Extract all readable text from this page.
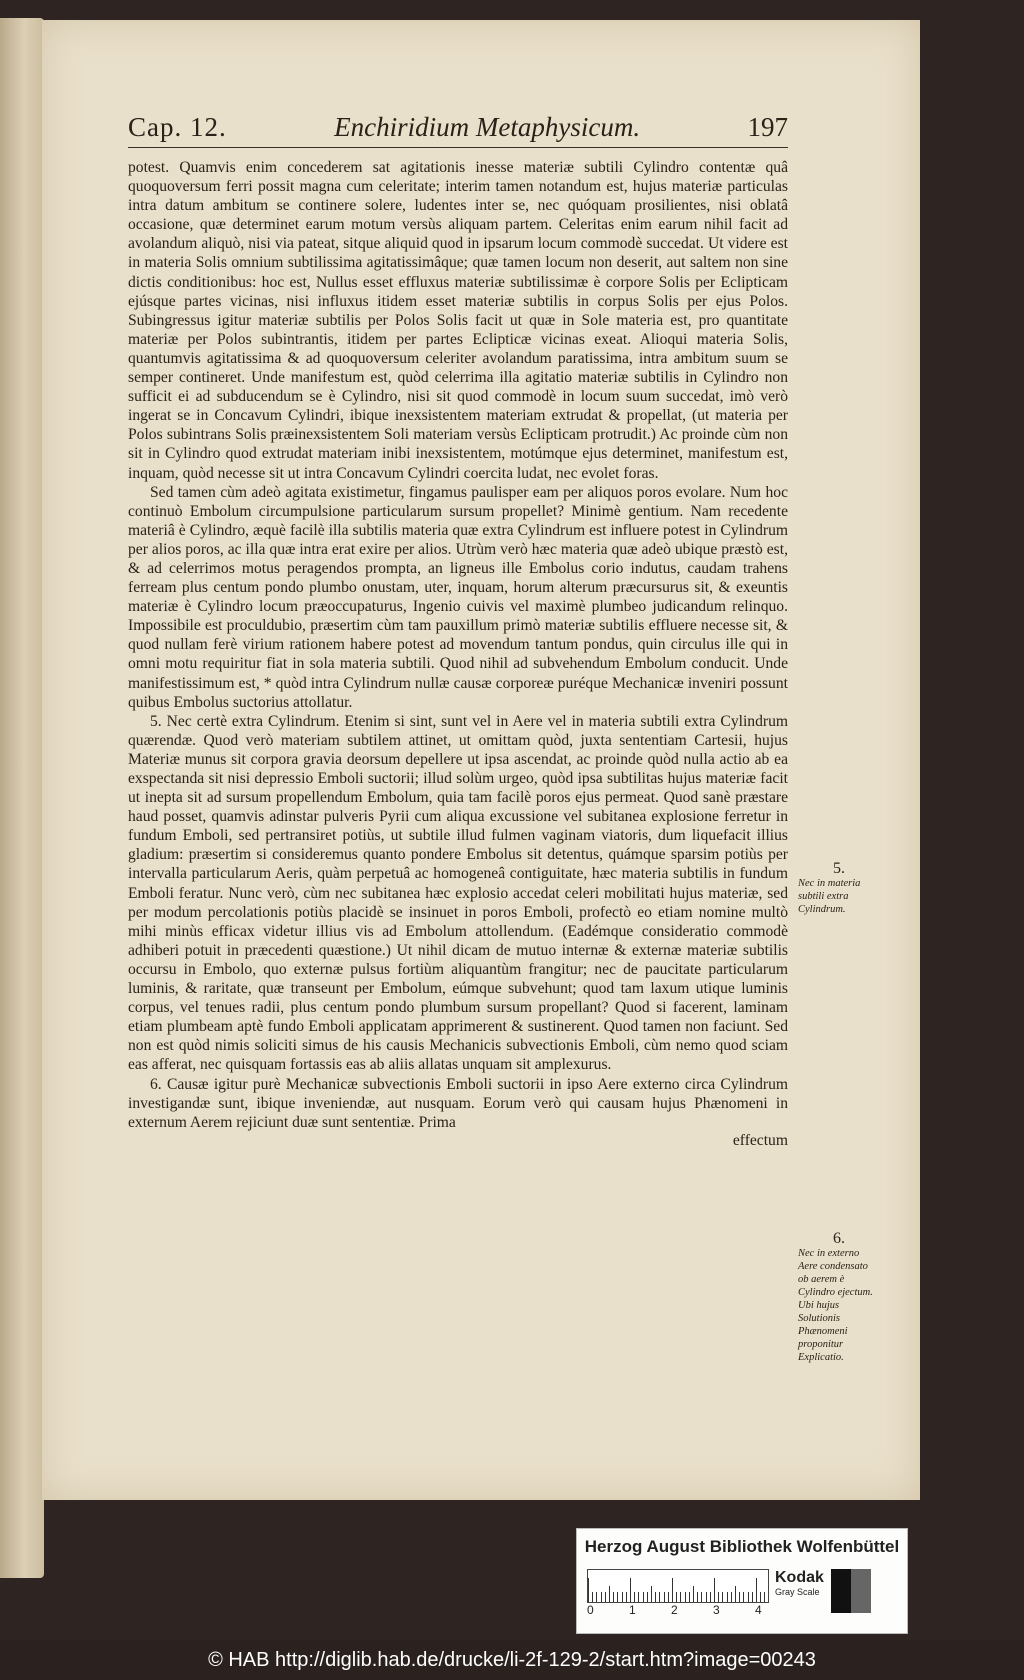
Cap. 12.	Enchiridium Metaphysicum.	197

potest. Quamvis enim concederem sat agitationis inesse materiæ subtili Cylindro contentæ quâ quoquoversum ferri possit magna cum celeritate; interim tamen notandum est, hujus materiæ particulas intra datum ambitum se continere solere, ludentes inter se, nec quóquam prosilientes, nisi oblatâ occasione, quæ determinet earum motum versùs aliquam partem. Celeritas enim earum nihil facit ad avolandum aliquò, nisi via pateat, sitque aliquid quod in ipsarum locum commodè succedat. Ut videre est in materia Solis omnium subtilissima agitatissimâque; quæ tamen locum non deserit, aut saltem non sine dictis conditionibus: hoc est, Nullus esset effluxus materiæ subtilissimæ è corpore Solis per Eclipticam ejúsque partes vicinas, nisi influxus itidem esset materiæ subtilis in corpus Solis per ejus Polos. Subingressus igitur materiæ subtilis per Polos Solis facit ut quæ in Sole materia est, pro quantitate materiæ per Polos subintrantis, itidem per partes Eclipticæ vicinas exeat. Alioqui materia Solis, quantumvis agitatissima & ad quoquoversum celeriter avolandum paratissima, intra ambitum suum se semper contineret. Unde manifestum est, quòd celerrima illa agitatio materiæ subtilis in Cylindro non sufficit ei ad subducendum se è Cylindro, nisi sit quod commodè in locum suum succedat, imò verò ingerat se in Concavum Cylindri, ibique inexsistentem materiam extrudat & propellat, (ut materia per Polos subintrans Solis præinexsistentem Soli materiam versùs Eclipticam protrudit.) Ac proinde cùm non sit in Cylindro quod extrudat materiam inibi inexsistentem, motúmque ejus determinet, manifestum est, inquam, quòd necesse sit ut intra Concavum Cylindri coercita ludat, nec evolet foras.

Sed tamen cùm adeò agitata existimetur, fingamus paulisper eam per aliquos poros evolare. Num hoc continuò Embolum circumpulsione particularum sursum propellet? Minimè gentium. Nam recedente materiâ è Cylindro, æquè facilè illa subtilis materia quæ extra Cylindrum est influere potest in Cylindrum per alios poros, ac illa quæ intra erat exire per alios. Utrùm verò hæc materia quæ adeò ubique præstò est, & ad celerrimos motus peragendos prompta, an ligneus ille Embolus corio indutus, caudam trahens ferream plus centum pondo plumbo onustam, uter, inquam, horum alterum præcursurus sit, & exeuntis materiæ è Cylindro locum præoccupaturus, Ingenio cuivis vel maximè plumbeo judicandum relinquo. Impossibile est proculdubio, præsertim cùm tam pauxillum primò materiæ subtilis effluere necesse sit, & quod nullam ferè virium rationem habere potest ad movendum tantum pondus, quin circulus ille qui in omni motu requiritur fiat in sola materia subtili. Quod nihil ad subvehendum Embolum conducit. Unde manifestissimum est, * quòd intra Cylindrum nullæ causæ corporeæ puréque Mechanicæ inveniri possunt quibus Embolus suctorius attollatur.

5. Nec certè extra Cylindrum. Etenim si sint, sunt vel in Aere vel in materia subtili extra Cylindrum quærendæ. Quod verò materiam subtilem attinet, ut omittam quòd, juxta sententiam Cartesii, hujus Materiæ munus sit corpora gravia deorsum depellere ut ipsa ascendat, ac proinde quòd nulla actio ab ea exspectanda sit nisi depressio Emboli suctorii; illud solùm urgeo, quòd ipsa subtilitas hujus materiæ facit ut inepta sit ad sursum propellendum Embolum, quia tam facilè poros ejus permeat. Quod sanè præstare haud posset, quamvis adinstar pulveris Pyrii cum aliqua excussione vel subitanea explosione ferretur in fundum Emboli, sed pertransiret potiùs, ut subtile illud fulmen vaginam viatoris, dum liquefacit illius gladium: præsertim si consideremus quanto pondere Embolus sit detentus, quámque sparsim potiùs per intervalla particularum Aeris, quàm perpetuâ ac homogeneâ contiguitate, hæc materia subtilis in fundum Emboli feratur. Nunc verò, cùm nec subitanea hæc explosio accedat celeri mobilitati hujus materiæ, sed per modum percolationis potiùs placidè se insinuet in poros Emboli, profectò eo etiam nomine multò mihi minùs efficax videtur illius vis ad Embolum attollendum. (Eadémque consideratio commodè adhiberi potuit in præcedenti quæstione.) Ut nihil dicam de mutuo internæ & externæ materiæ subtilis occursu in Embolo, quo externæ pulsus fortiùm aliquantùm frangitur; nec de paucitate particularum luminis, & raritate, quæ transeunt per Embolum, eúmque subvehunt; quod tam laxum utique luminis corpus, vel tenues radii, plus centum pondo plumbum sursum propellant? Quod si facerent, laminam etiam plumbeam aptè fundo Emboli applicatam apprimerent & sustinerent. Quod tamen non faciunt. Sed non est quòd nimis soliciti simus de his causis Mechanicis subvectionis Emboli, cùm nemo quod sciam eas afferat, nec quisquam fortassis eas ab aliis allatas unquam sit amplexurus.

6. Causæ igitur purè Mechanicæ subvectionis Emboli suctorii in ipso Aere externo circa Cylindrum investigandæ sunt, ibique inveniendæ, aut nusquam. Eorum verò qui causam hujus Phænomeni in externum Aerem rejiciunt duæ sunt sententiæ. Prima

effectum
5.
Nec in materia subtili extra Cylindrum.
6.
Nec in externo Aere condensato ob aerem è Cylindro ejectum. Ubi hujus Solutionis Phænomeni proponitur Explicatio.
Herzog August Bibliothek Wolfenbüttel
0	1	2	3	4
Kodak
Gray Scale
© HAB http://diglib.hab.de/drucke/li-2f-129-2/start.htm?image=00243
